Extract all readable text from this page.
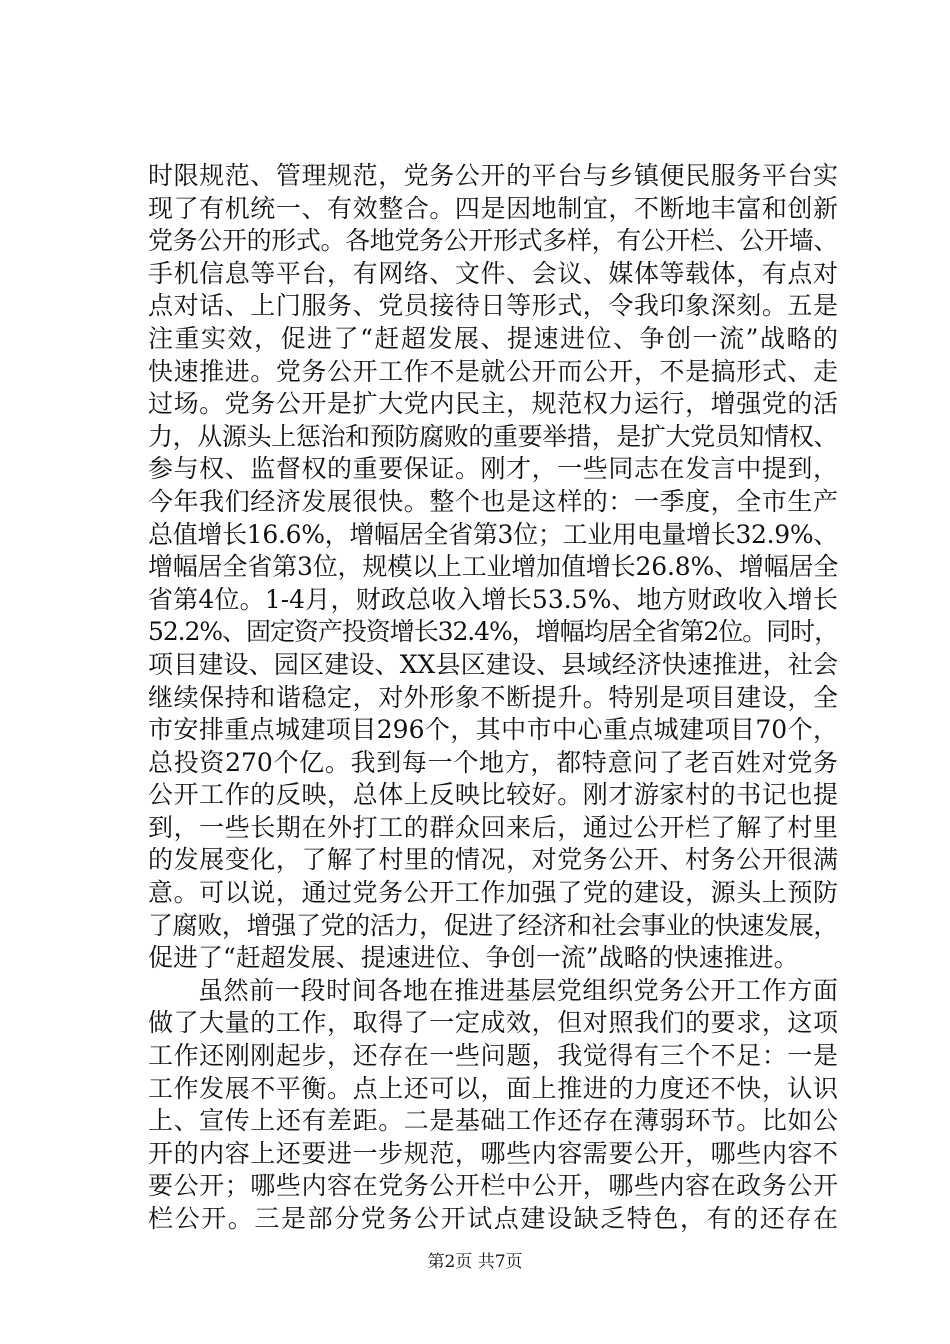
时限规范、管理规范，党务公开的平台与乡镇便民服务平台实
现了有机统一、有效整合。四是因地制宜，不断地丰富和创新
党务公开的形式。各地党务公开形式多样，有公开栏、公开墙、
手机信息等平台，有网络、文件、会议、媒体等载体，有点对
点对话、上门服务、党员接待日等形式，令我印象深刻。五是
注重实效，促进了“赶超发展、提速进位、争创一流”战略的
快速推进。党务公开工作不是就公开而公开，不是搞形式、走
过场。党务公开是扩大党内民主，规范权力运行，增强党的活
力，从源头上惩治和预防腐败的重要举措，是扩大党员知情权、
参与权、监督权的重要保证。刚才，一些同志在发言中提到，
今年我们经济发展很快。整个也是这样的：一季度，全市生产
总值增长16.6%，增幅居全省第3位；工业用电量增长32.9%、
增幅居全省第3位，规模以上工业增加值增长26.8%、增幅居全
省第4位。1-4月，财政总收入增长53.5%、地方财政收入增长
52.2%、固定资产投资增长32.4%，增幅均居全省第2位。同时，
项目建设、园区建设、XX县区建设、县域经济快速推进，社会
继续保持和谐稳定，对外形象不断提升。特别是项目建设，全
市安排重点城建项目296个，其中市中心重点城建项目70个，
总投资270个亿。我到每一个地方，都特意问了老百姓对党务
公开工作的反映，总体上反映比较好。刚才游家村的书记也提
到，一些长期在外打工的群众回来后，通过公开栏了解了村里
的发展变化，了解了村里的情况，对党务公开、村务公开很满
意。可以说，通过党务公开工作加强了党的建设，源头上预防
了腐败，增强了党的活力，促进了经济和社会事业的快速发展，
促进了“赶超发展、提速进位、争创一流”战略的快速推进。
虽然前一段时间各地在推进基层党组织党务公开工作方面
做了大量的工作，取得了一定成效，但对照我们的要求，这项
工作还刚刚起步，还存在一些问题，我觉得有三个不足：一是
工作发展不平衡。点上还可以，面上推进的力度还不快，认识
上、宣传上还有差距。二是基础工作还存在薄弱环节。比如公
开的内容上还要进一步规范，哪些内容需要公开，哪些内容不
要公开；哪些内容在党务公开栏中公开，哪些内容在政务公开
栏公开。三是部分党务公开试点建设缺乏特色，有的还存在
第2页 共7页
